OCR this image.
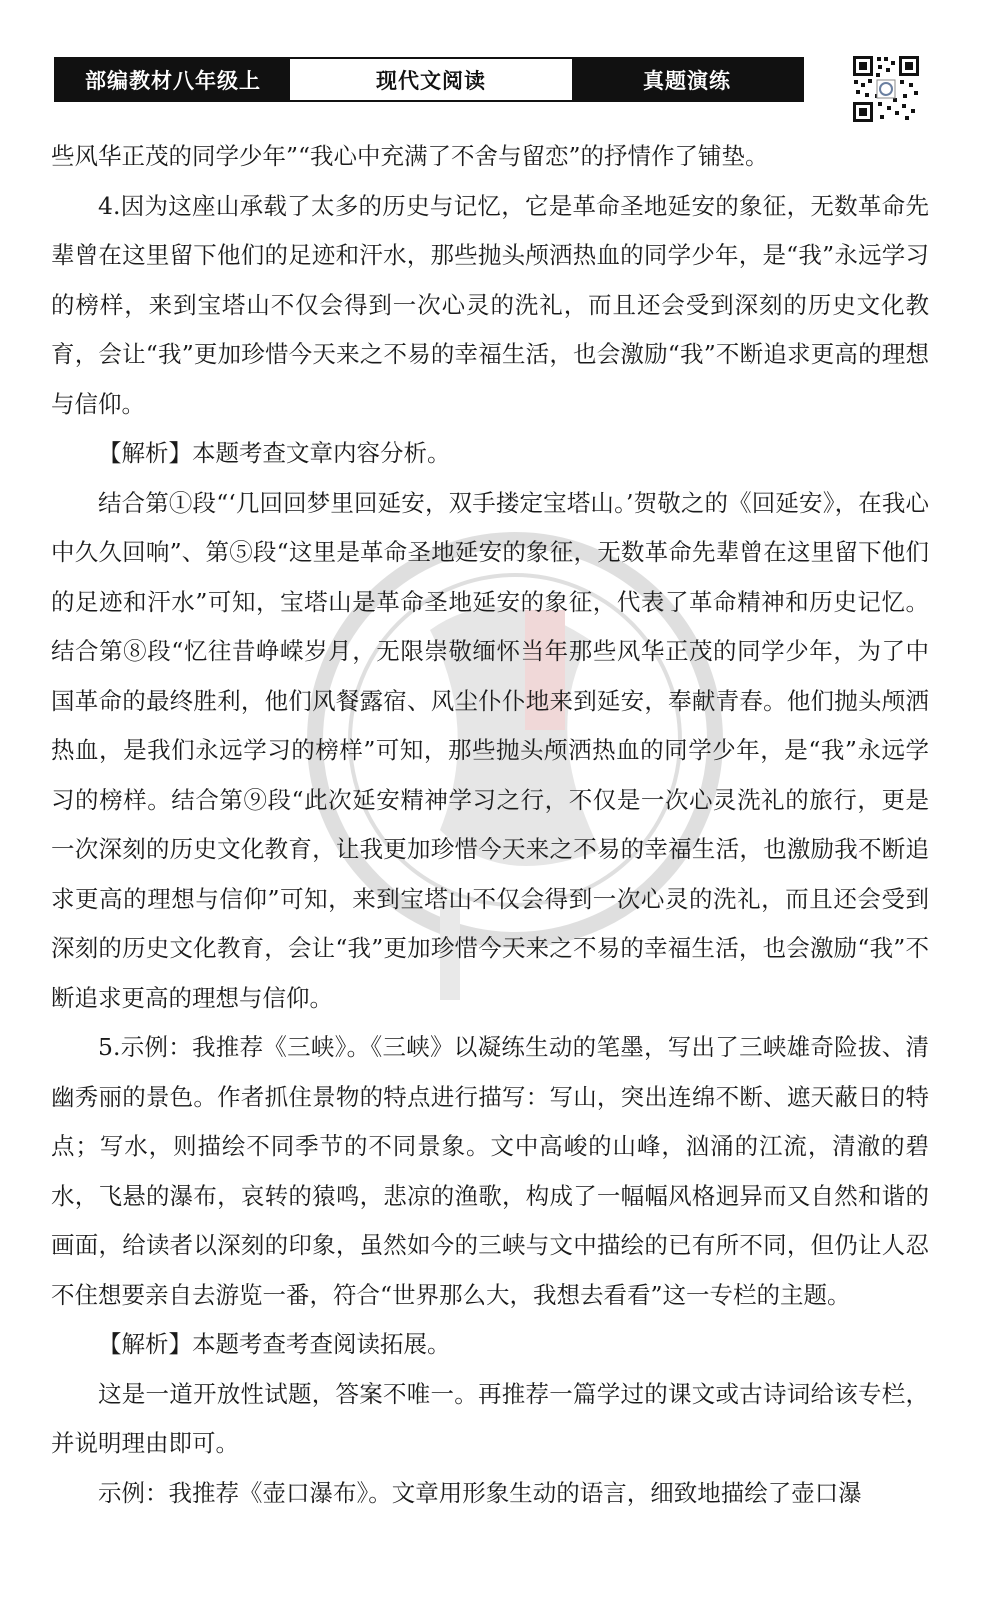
部编教材八年级上	现代文阅读	真题演练

些风华正茂的同学少年”“我心中充满了不舍与留恋”的抒情作了铺垫。

4.因为这座山承载了太多的历史与记忆，它是革命圣地延安的象征，无数革命先辈曾在这里留下他们的足迹和汗水，那些抛头颅洒热血的同学少年，是“我”永远学习的榜样，来到宝塔山不仅会得到一次心灵的洗礼，而且还会受到深刻的历史文化教育，会让“我”更加珍惜今天来之不易的幸福生活，也会激励“我”不断追求更高的理想与信仰。

【解析】本题考查文章内容分析。

结合第①段“‘几回回梦里回延安，双手搂定宝塔山。’贺敬之的《回延安》，在我心中久久回响”、第⑤段“这里是革命圣地延安的象征，无数革命先辈曾在这里留下他们的足迹和汗水”可知，宝塔山是革命圣地延安的象征，代表了革命精神和历史记忆。结合第⑧段“忆往昔峥嵘岁月，无限崇敬缅怀当年那些风华正茂的同学少年，为了中国革命的最终胜利，他们风餐露宿、风尘仆仆地来到延安，奉献青春。他们抛头颅洒热血，是我们永远学习的榜样”可知，那些抛头颅洒热血的同学少年，是“我”永远学习的榜样。结合第⑨段“此次延安精神学习之行，不仅是一次心灵洗礼的旅行，更是一次深刻的历史文化教育，让我更加珍惜今天来之不易的幸福生活，也激励我不断追求更高的理想与信仰”可知，来到宝塔山不仅会得到一次心灵的洗礼，而且还会受到深刻的历史文化教育，会让“我”更加珍惜今天来之不易的幸福生活，也会激励“我”不断追求更高的理想与信仰。

5.示例：我推荐《三峡》。《三峡》以凝练生动的笔墨，写出了三峡雄奇险拔、清幽秀丽的景色。作者抓住景物的特点进行描写：写山，突出连绵不断、遮天蔽日的特点；写水，则描绘不同季节的不同景象。文中高峻的山峰，汹涌的江流，清澈的碧水，飞悬的瀑布，哀转的猿鸣，悲凉的渔歌，构成了一幅幅风格迥异而又自然和谐的画面，给读者以深刻的印象，虽然如今的三峡与文中描绘的已有所不同，但仍让人忍不住想要亲自去游览一番，符合“世界那么大，我想去看看”这一专栏的主题。

【解析】本题考查考查阅读拓展。

这是一道开放性试题，答案不唯一。再推荐一篇学过的课文或古诗词给该专栏，并说明理由即可。

示例：我推荐《壶口瀑布》。文章用形象生动的语言，细致地描绘了壶口瀑
